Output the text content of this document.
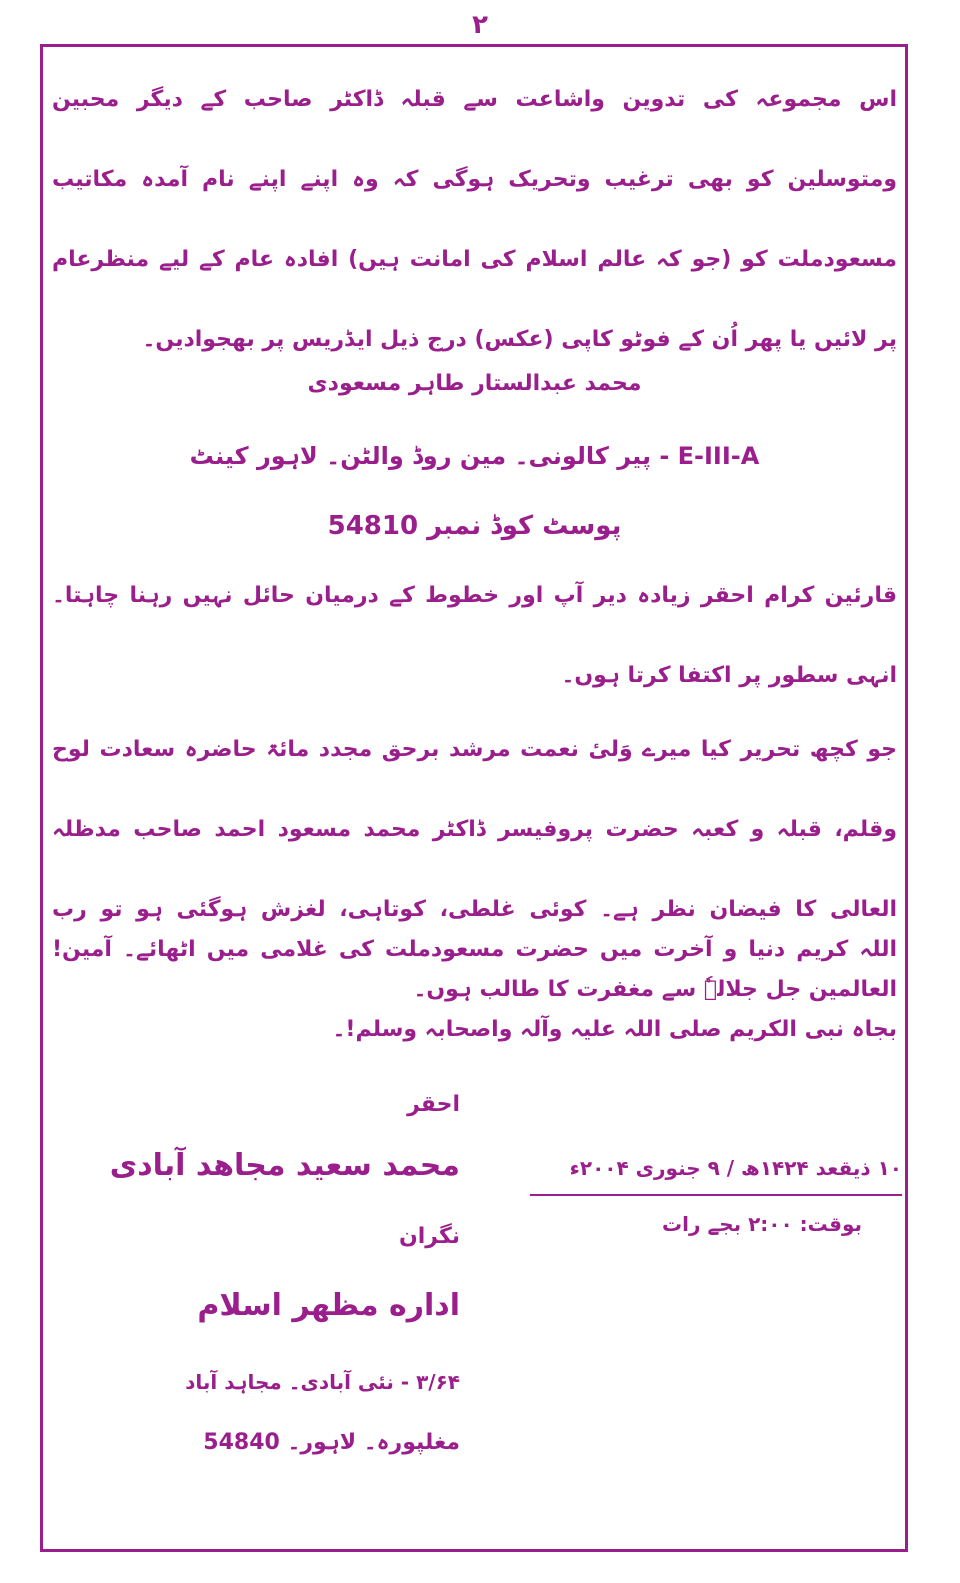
۲

اس مجموعہ کی تدوین واشاعت سے قبلہ ڈاکٹر صاحب کے دیگر محبین ومتوسلین کو بھی ترغیب وتحریک ہوگی کہ وہ اپنے اپنے نام آمدہ مکاتیب مسعودملت کو (جو کہ عالم اسلام کی امانت ہیں) افادہ عام کے لیے منظرعام پر لائیں یا پھر اُن کے فوٹو کاپی (عکس) درج ذیل ایڈریس پر بھجوادیں۔

محمد عبدالستار طاہر مسعودی
E-III-A - پیر کالونی۔ مین روڈ والٹن۔ لاہور کینٹ
پوسٹ کوڈ نمبر 54810

قارئین کرام احقر زیادہ دیر آپ اور خطوط کے درمیان حائل نہیں رہنا چاہتا۔ انہی سطور پر اکتفا کرتا ہوں۔

جو کچھ تحریر کیا میرے وَلیٔ نعمت مرشد برحق مجدد مائۃ حاضرہ سعادت لوح وقلم، قبلہ و کعبہ حضرت پروفیسر ڈاکٹر محمد مسعود احمد صاحب مدظلہ العالی کا فیضان نظر ہے۔ کوئی غلطی، کوتاہی، لغزش ہوگئی ہو تو رب العالمین جل جلالہٗ سے مغفرت کا طالب ہوں۔

اللہ کریم دنیا و آخرت میں حضرت مسعودملت کی غلامی میں اٹھائے۔ آمین! بجاہ نبی الکریم صلی اللہ علیہ وآلہ واصحابہ وسلم!۔

احقر
محمد سعید مجاهد آبادی
نگران
اداره مظهر اسلام
۳/۶۴ - نئی آبادی۔ مجاہد آباد
مغلپورہ۔ لاہور۔ 54840
۱۰ ذیقعد ۱۴۲۴ھ / ۹ جنوری ۲۰۰۴ء
بوقت: ۲:۰۰ بجے رات
